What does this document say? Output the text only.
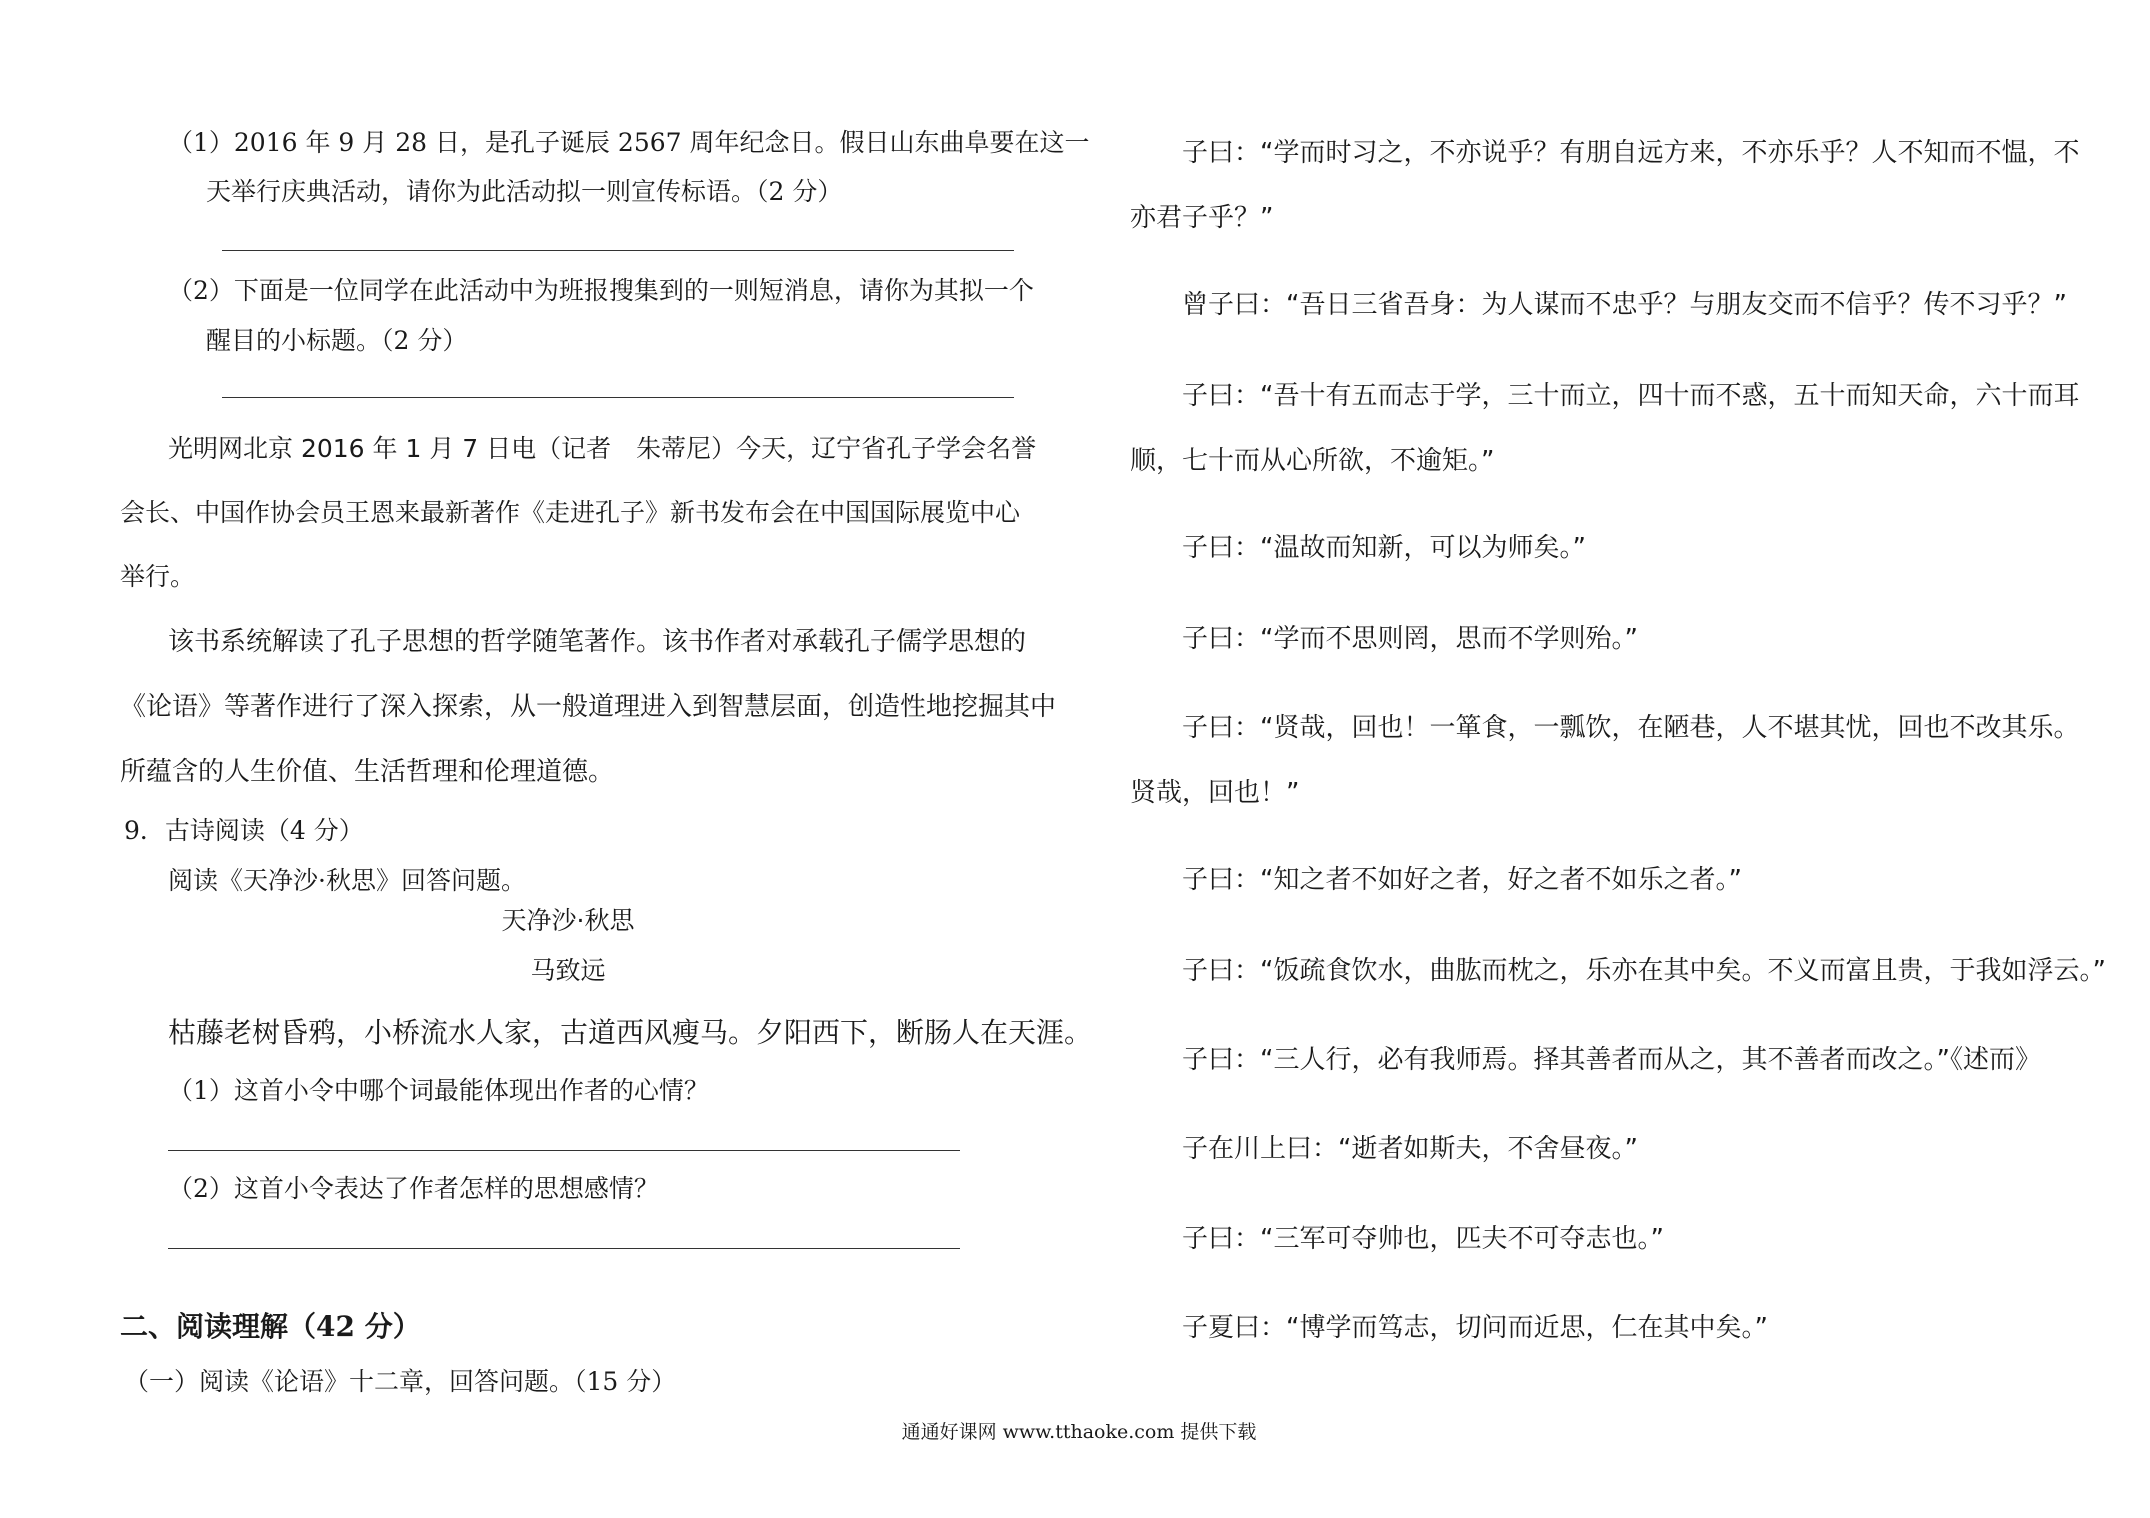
（1）2016 年 9 月 28 日，是孔子诞辰 2567 周年纪念日。假日山东曲阜要在这一
天举行庆典活动，请你为此活动拟一则宣传标语。（2 分）
（2）下面是一位同学在此活动中为班报搜集到的一则短消息，请你为其拟一个
醒目的小标题。（2 分）
光明网北京 2016 年 1 月 7 日电（记者　朱蒂尼）今天，辽宁省孔子学会名誉
会长、中国作协会员王恩来最新著作《走进孔子》新书发布会在中国国际展览中心
举行。
该书系统解读了孔子思想的哲学随笔著作。该书作者对承载孔子儒学思想的
《论语》等著作进行了深入探索，从一般道理进入到智慧层面，创造性地挖掘其中
所蕴含的人生价值、生活哲理和伦理道德。
9．古诗阅读（4 分）
阅读《天净沙·秋思》回答问题。
天净沙·秋思
马致远
枯藤老树昏鸦，小桥流水人家，古道西风瘦马。夕阳西下，断肠人在天涯。
（1）这首小令中哪个词最能体现出作者的心情？
（2）这首小令表达了作者怎样的思想感情？
二、阅读理解（42 分）
（一）阅读《论语》十二章，回答问题。（15 分）
子曰：“学而时习之，不亦说乎？有朋自远方来，不亦乐乎？人不知而不愠，不
亦君子乎？”
曾子曰：“吾日三省吾身：为人谋而不忠乎？与朋友交而不信乎？传不习乎？”
子曰：“吾十有五而志于学，三十而立，四十而不惑，五十而知天命，六十而耳
顺，七十而从心所欲，不逾矩。”
子曰：“温故而知新，可以为师矣。”
子曰：“学而不思则罔，思而不学则殆。”
子曰：“贤哉，回也！一箪食，一瓢饮，在陋巷，人不堪其忧，回也不改其乐。
贤哉，回也！”
子曰：“知之者不如好之者，好之者不如乐之者。”
子曰：“饭疏食饮水，曲肱而枕之，乐亦在其中矣。不义而富且贵，于我如浮云。”
子曰：“三人行，必有我师焉。择其善者而从之，其不善者而改之。”《述而》
子在川上曰：“逝者如斯夫，不舍昼夜。”
子曰：“三军可夺帅也，匹夫不可夺志也。”
子夏曰：“博学而笃志，切问而近思，仁在其中矣。”
通通好课网 www.tthaoke.com 提供下载
